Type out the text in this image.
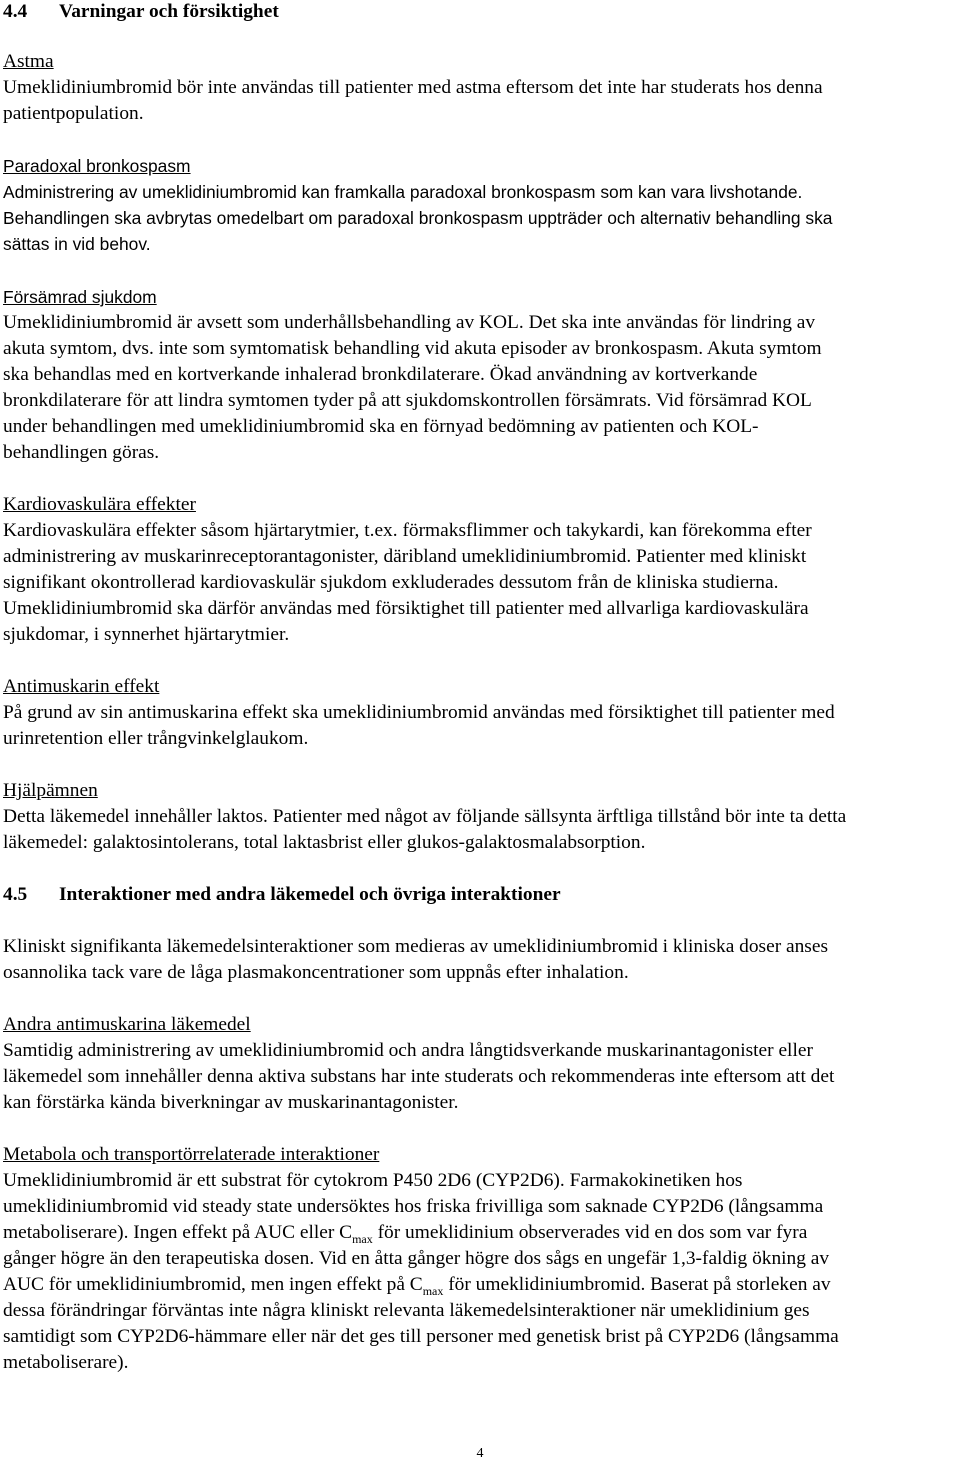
4.4 Varningar och försiktighet
Astma
Umeklidiniumbromid bör inte användas till patienter med astma eftersom det inte har studerats hos denna
patientpopulation.
Paradoxal bronkospasm
Administrering av umeklidiniumbromid kan framkalla paradoxal bronkospasm som kan vara livshotande.
Behandlingen ska avbrytas omedelbart om paradoxal bronkospasm uppträder och alternativ behandling ska
sättas in vid behov.
Försämrad sjukdom
Umeklidiniumbromid är avsett som underhållsbehandling av KOL. Det ska inte användas för lindring av
akuta symtom, dvs. inte som symtomatisk behandling vid akuta episoder av bronkospasm. Akuta symtom
ska behandlas med en kortverkande inhalerad bronkdilaterare. Ökad användning av kortverkande
bronkdilaterare för att lindra symtomen tyder på att sjukdomskontrollen försämrats. Vid försämrad KOL
under behandlingen med umeklidiniumbromid ska en förnyad bedömning av patienten och KOL-
behandlingen göras.
Kardiovaskulära effekter
Kardiovaskulära effekter såsom hjärtarytmier, t.ex. förmaksflimmer och takykardi, kan förekomma efter
administrering av muskarinreceptorantagonister, däribland umeklidiniumbromid. Patienter med kliniskt
signifikant okontrollerad kardiovaskulär sjukdom exkluderades dessutom från de kliniska studierna.
Umeklidiniumbromid ska därför användas med försiktighet till patienter med allvarliga kardiovaskulära
sjukdomar, i synnerhet hjärtarytmier.
Antimuskarin effekt
På grund av sin antimuskarina effekt ska umeklidiniumbromid användas med försiktighet till patienter med
urinretention eller trångvinkelglaukom.
Hjälpämnen
Detta läkemedel innehåller laktos. Patienter med något av följande sällsynta ärftliga tillstånd bör inte ta detta
läkemedel: galaktosintolerans, total laktasbrist eller glukos-galaktosmalabsorption.
4.5 Interaktioner med andra läkemedel och övriga interaktioner
Kliniskt signifikanta läkemedelsinteraktioner som medieras av umeklidiniumbromid i kliniska doser anses
osannolika tack vare de låga plasmakoncentrationer som uppnås efter inhalation.
Andra antimuskarina läkemedel
Samtidig administrering av umeklidiniumbromid och andra långtidsverkande muskarinantagonister eller
läkemedel som innehåller denna aktiva substans har inte studerats och rekommenderas inte eftersom att det
kan förstärka kända biverkningar av muskarinantagonister.
Metabola och transportörrelaterade interaktioner
Umeklidiniumbromid är ett substrat för cytokrom P450 2D6 (CYP2D6). Farmakokinetiken hos
umeklidiniumbromid vid steady state undersöktes hos friska frivilliga som saknade CYP2D6 (långsamma
metaboliserare). Ingen effekt på AUC eller $C_{max}$ för umeklidinium observerades vid en dos som var fyra
gånger högre än den terapeutiska dosen. Vid en åtta gånger högre dos sågs en ungefär 1,3-faldig ökning av
AUC för umeklidiniumbromid, men ingen effekt på $C_{max}$ för umeklidiniumbromid. Baserat på storleken av
dessa förändringar förväntas inte några kliniskt relevanta läkemedelsinteraktioner när umeklidinium ges
samtidigt som CYP2D6-hämmare eller när det ges till personer med genetisk brist på CYP2D6 (långsamma
metaboliserare).
4
